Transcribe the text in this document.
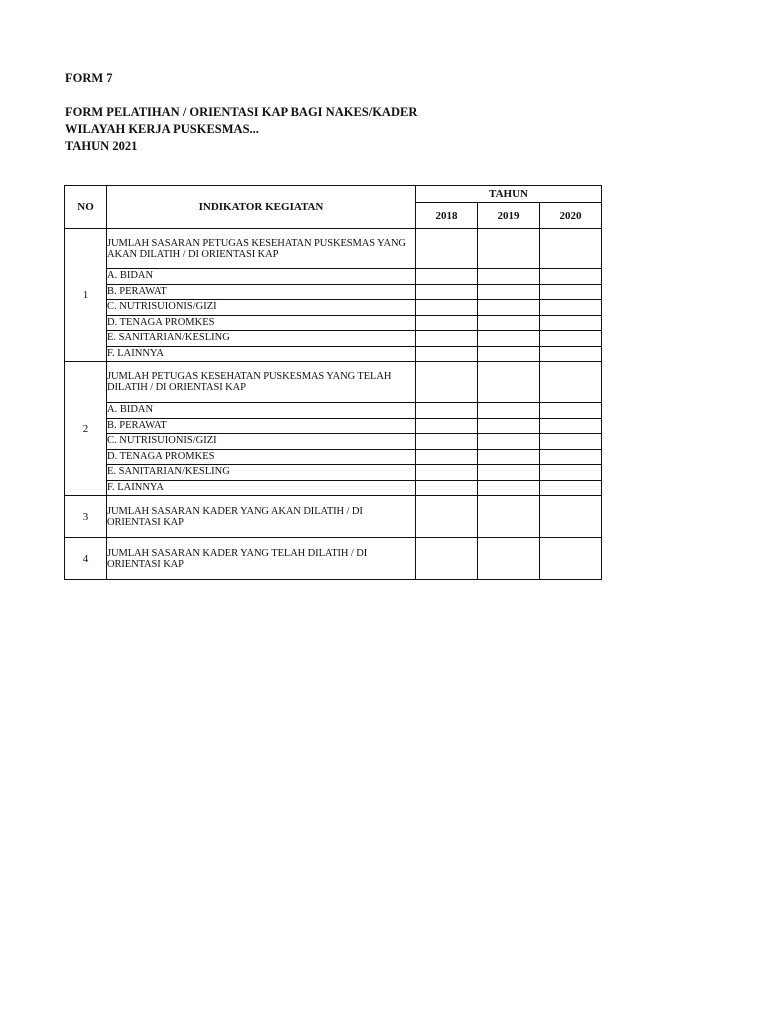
FORM 7
FORM PELATIHAN / ORIENTASI KAP BAGI NAKES/KADER
WILAYAH KERJA PUSKESMAS...
TAHUN 2021
NO	INDIKATOR KEGIATAN	TAHUN		
		2018	2019	2020
1	JUMLAH SASARAN PETUGAS KESEHATAN PUSKESMAS YANG AKAN DILATIH / DI ORIENTASI KAP			
	A. BIDAN			
	B. PERAWAT			
	C. NUTRISUIONIS/GIZI			
	D. TENAGA PROMKES			
	E. SANITARIAN/KESLING			
	F. LAINNYA			
2	JUMLAH PETUGAS KESEHATAN PUSKESMAS YANG TELAH DILATIH / DI ORIENTASI KAP			
	A. BIDAN			
	B. PERAWAT			
	C. NUTRISUIONIS/GIZI			
	D. TENAGA PROMKES			
	E. SANITARIAN/KESLING			
	F. LAINNYA			
3	JUMLAH SASARAN KADER YANG AKAN DILATIH / DI ORIENTASI KAP			
4	JUMLAH SASARAN KADER YANG TELAH DILATIH / DI ORIENTASI KAP			
